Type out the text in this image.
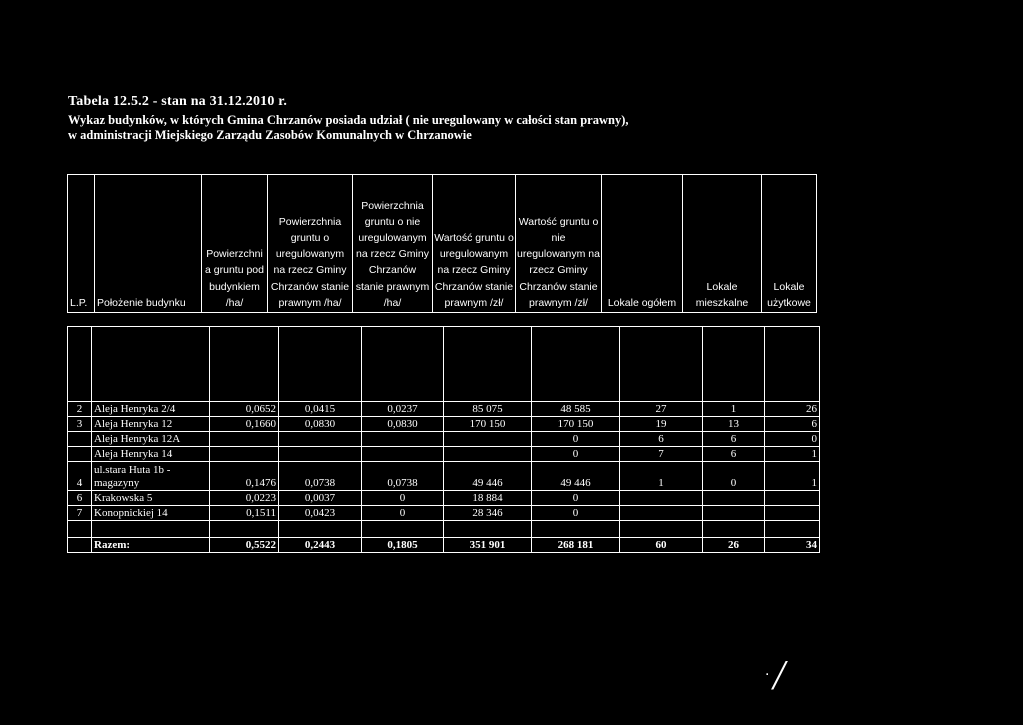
Tabela 12.5.2 - stan na 31.12.2010 r.
Wykaz budynków, w których Gmina Chrzanów posiada udział ( nie uregulowany w całości stan prawny),
w administracji Miejskiego Zarządu Zasobów Komunalnych w Chrzanowie
L.P.	Położenie budynku	Powierzchni a gruntu pod budynkiem /ha/	Powierzchnia gruntu o uregulowanym na rzecz Gminy Chrzanów stanie prawnym /ha/	Powierzchnia gruntu o nie uregulowanym na rzecz Gminy Chrzanów stanie prawnym /ha/	Wartość gruntu o uregulowanym na rzecz Gminy Chrzanów stanie prawnym /zł/	Wartość gruntu o nie uregulowanym na rzecz Gminy Chrzanów stanie prawnym /zł/	Lokale ogółem	Lokale mieszkalne	Lokale użytkowe

2	Aleja Henryka 2/4	0,0652	0,0415	0,0237	85 075	48 585	27	1	26
3	Aleja Henryka 12	0,1660	0,0830	0,0830	170 150	170 150	19	13	6
	Aleja Henryka 12A					0	6	6	0
	Aleja Henryka 14					0	7	6	1
4	ul.stara Huta 1b - magazyny	0,1476	0,0738	0,0738	49 446	49 446	1	0	1
6	Krakowska 5	0,0223	0,0037	0	18 884	0			
7	Konopnickiej 14	0,1511	0,0423	0	28 346	0			

	Razem:	0,5522	0,2443	0,1805	351 901	268 181	60	26	34
. /
